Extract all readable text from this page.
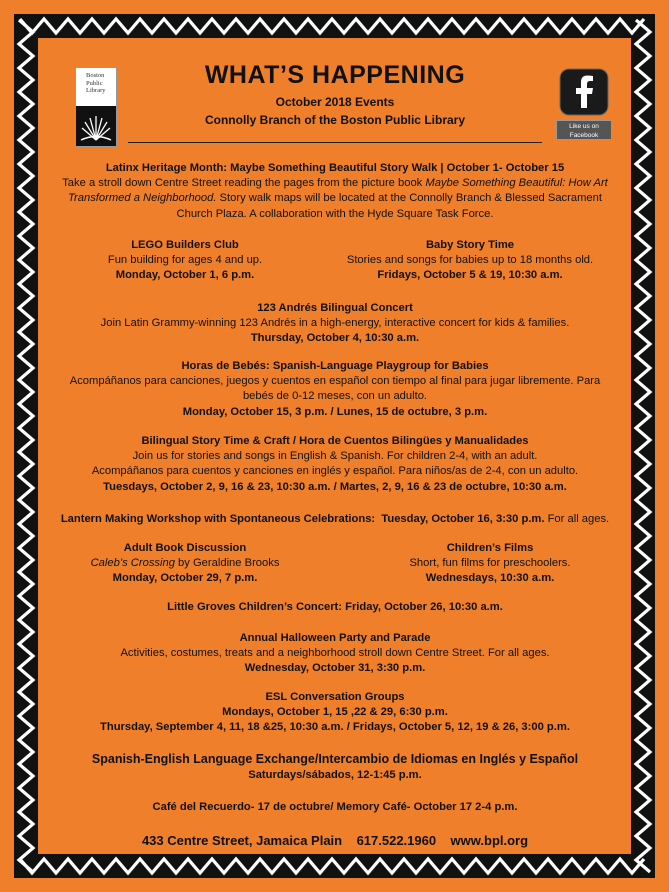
Boston
Public
Library
WHAT’S HAPPENING
October 2018 Events
Connolly Branch of the Boston Public Library	Like us on Facebook
Latinx Heritage Month: Maybe Something Beautiful Story Walk | October 1- October 15
Take a stroll down Centre Street reading the pages from the picture book Maybe Something Beautiful: How Art Transformed a Neighborhood. Story walk maps will be located at the Connolly Branch & Blessed Sacrament Church Plaza. A collaboration with the Hyde Square Task Force.
LEGO Builders Club
Fun building for ages 4 and up.
Monday, October 1, 6 p.m.
Baby Story Time
Stories and songs for babies up to 18 months old.
Fridays, October 5 & 19, 10:30 a.m.
123 Andrés Bilingual Concert
Join Latin Grammy-winning 123 Andrés in a high-energy, interactive concert for kids & families.
Thursday, October 4, 10:30 a.m.
Horas de Bebés: Spanish-Language Playgroup for Babies
Acompáñanos para canciones, juegos y cuentos en español con tiempo al final para jugar libremente. Para
bebés de 0-12 meses, con un adulto.
Monday, October 15, 3 p.m. / Lunes, 15 de octubre, 3 p.m.
Bilingual Story Time & Craft / Hora de Cuentos Bilingües y Manualidades
Join us for stories and songs in English & Spanish. For children 2-4, with an adult.
Acompáñanos para cuentos y canciones en inglés y español. Para niños/as de 2-4, con un adulto.
Tuesdays, October 2, 9, 16 & 23, 10:30 a.m. / Martes, 2, 9, 16 & 23 de octubre, 10:30 a.m.
Lantern Making Workshop with Spontaneous Celebrations: Tuesday, October 16, 3:30 p.m. For all ages.
Adult Book Discussion
Caleb’s Crossing by Geraldine Brooks
Monday, October 29, 7 p.m.
Children’s Films
Short, fun films for preschoolers.
Wednesdays, 10:30 a.m.
Little Groves Children’s Concert: Friday, October 26, 10:30 a.m.
Annual Halloween Party and Parade
Activities, costumes, treats and a neighborhood stroll down Centre Street. For all ages.
Wednesday, October 31, 3:30 p.m.
ESL Conversation Groups
Mondays, October 1, 15 ,22 & 29, 6:30 p.m.
Thursday, September 4, 11, 18 &25, 10:30 a.m. / Fridays, October 5, 12, 19 & 26, 3:00 p.m.
Spanish-English Language Exchange/Intercambio de Idiomas en Inglés y Español
Saturdays/sábados, 12-1:45 p.m.
Café del Recuerdo- 17 de octubre/ Memory Café- October 17 2-4 p.m.
433 Centre Street, Jamaica Plain 617.522.1960 www.bpl.org
